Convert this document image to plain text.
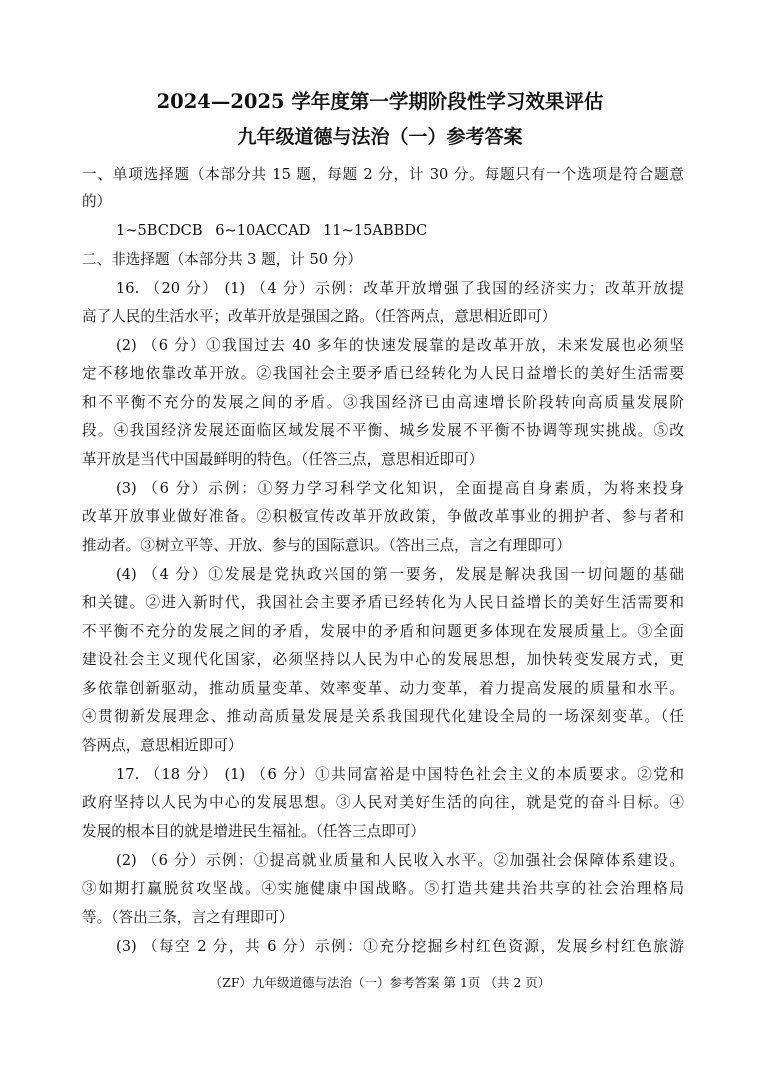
2024—2025 学年度第一学期阶段性学习效果评估
九年级道德与法治（一）参考答案
一、单项选择题（本部分共 15 题，每题 2 分，计 30 分。每题只有一个选项是符合题意
的）
1~5BCDCB 6~10ACCAD 11~15ABBDC
二、非选择题（本部分共 3 题，计 50 分）
16. （20 分） (1) （4 分）示例：改革开放增强了我国的经济实力；改革开放提
高了人民的生活水平；改革开放是强国之路。（任答两点，意思相近即可）
(2) （6 分）①我国过去 40 多年的快速发展靠的是改革开放，未来发展也必须坚
定不移地依靠改革开放。②我国社会主要矛盾已经转化为人民日益增长的美好生活需要
和不平衡不充分的发展之间的矛盾。③我国经济已由高速增长阶段转向高质量发展阶
段。④我国经济发展还面临区域发展不平衡、城乡发展不平衡不协调等现实挑战。⑤改
革开放是当代中国最鲜明的特色。（任答三点，意思相近即可）
(3) （6 分）示例：①努力学习科学文化知识，全面提高自身素质，为将来投身
改革开放事业做好准备。②积极宣传改革开放政策，争做改革事业的拥护者、参与者和
推动者。③树立平等、开放、参与的国际意识。（答出三点，言之有理即可）
(4) （4 分）①发展是党执政兴国的第一要务，发展是解决我国一切问题的基础
和关键。②进入新时代，我国社会主要矛盾已经转化为人民日益增长的美好生活需要和
不平衡不充分的发展之间的矛盾，发展中的矛盾和问题更多体现在发展质量上。③全面
建设社会主义现代化国家，必须坚持以人民为中心的发展思想，加快转变发展方式，更
多依靠创新驱动，推动质量变革、效率变革、动力变革，着力提高发展的质量和水平。
④贯彻新发展理念、推动高质量发展是关系我国现代化建设全局的一场深刻变革。（任
答两点，意思相近即可）
17. （18 分） (1) （6 分）①共同富裕是中国特色社会主义的本质要求。②党和
政府坚持以人民为中心的发展思想。③人民对美好生活的向往，就是党的奋斗目标。④
发展的根本目的就是增进民生福祉。（任答三点即可）
(2) （6 分）示例：①提高就业质量和人民收入水平。②加强社会保障体系建设。
③如期打赢脱贫攻坚战。④实施健康中国战略。⑤打造共建共治共享的社会治理格局
等。（答出三条，言之有理即可）
(3) （每空 2 分，共 6 分）示例：①充分挖掘乡村红色资源，发展乡村红色旅游
（ZF）九年级道德与法治（一）参考答案 第 1页 （共 2 页）
